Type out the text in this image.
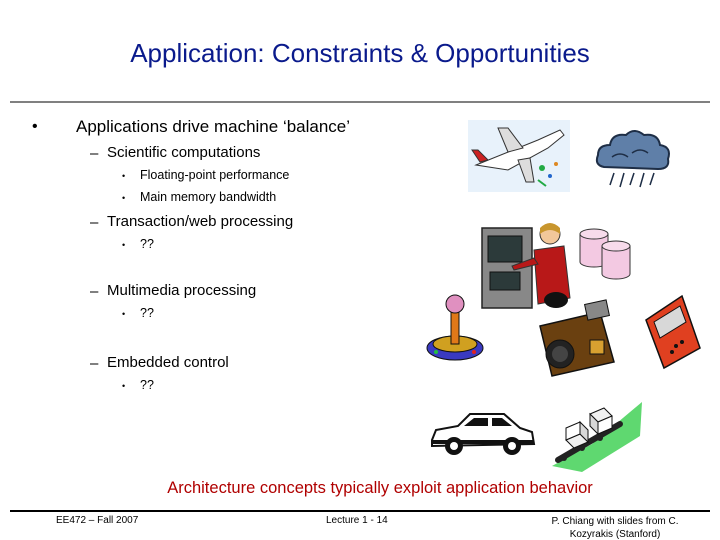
Application: Constraints & Opportunities
• Applications drive machine ‘balance’
– Scientific computations
• Floating-point performance
• Main memory bandwidth
– Transaction/web processing
• ??
– Multimedia processing
• ??
– Embedded control
• ??
Architecture concepts typically exploit application behavior
EE472 – Fall 2007	Lecture 1 - 14	P. Chiang with slides from C.
Kozyrakis (Stanford)
